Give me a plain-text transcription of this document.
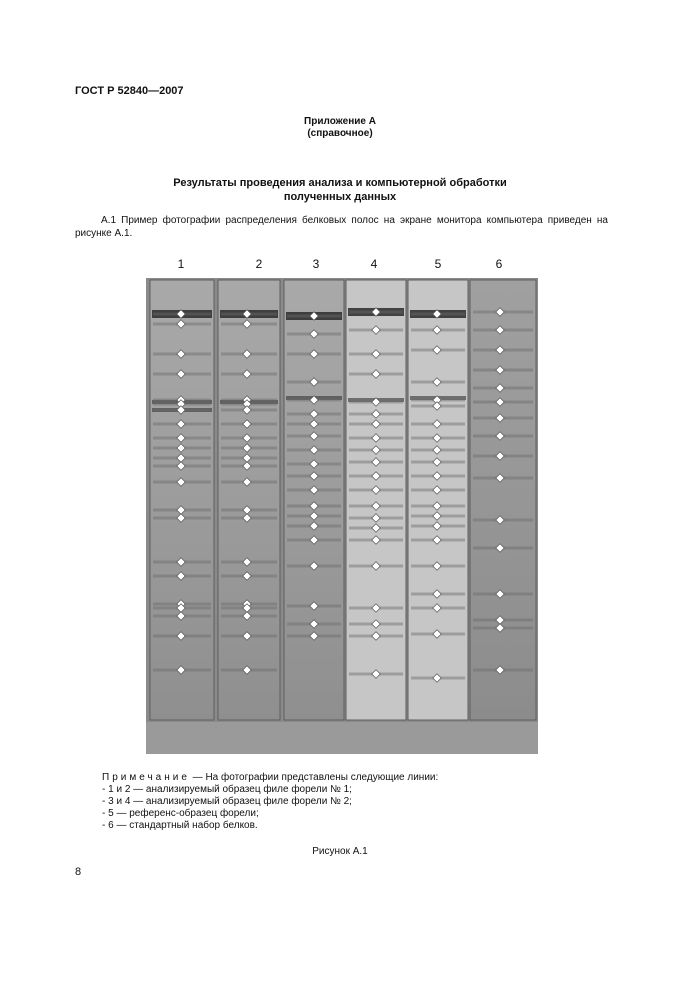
ГОСТ Р 52840—2007
Приложение А
(справочное)
Результаты проведения анализа и компьютерной обработки
полученных данных
А.1 Пример фотографии распределения белковых полос на экране монитора компьютера приведен на рисунке А.1.
1	2	3	4	5	6
Примечание — На фотографии представлены следующие линии:
- 1 и 2 — анализируемый образец филе форели № 1;
- 3 и 4 — анализируемый образец филе форели № 2;
- 5 — референс-образец форели;
- 6 — стандартный набор белков.
Рисунок А.1
8
